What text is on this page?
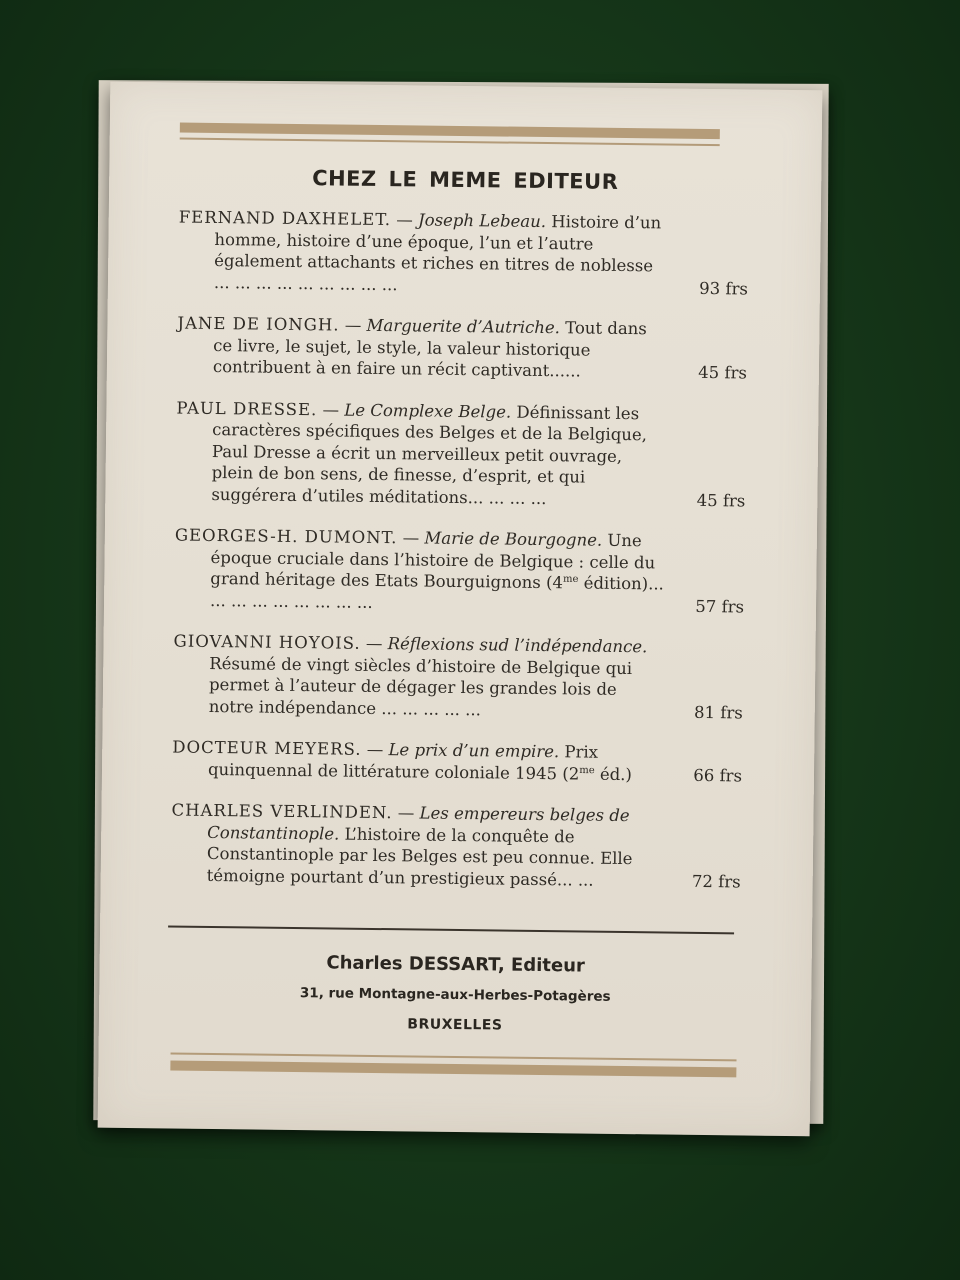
CHEZ LE MEME EDITEUR
FERNAND DAXHELET. — Joseph Lebeau. Histoire d’un homme, histoire d’une époque, l’un et l’autre également attachants et riches en titres de noblesse ... ... ... ... ... ... ... ... ...	93 frs
JANE DE IONGH. — Marguerite d’Autriche. Tout dans ce livre, le sujet, le style, la valeur historique contribuent à en faire un récit captivant......	45 frs
PAUL DRESSE. — Le Complexe Belge. Définissant les caractères spécifiques des Belges et de la Belgique, Paul Dresse a écrit un merveilleux petit ouvrage, plein de bon sens, de finesse, d’esprit, et qui suggérera d’utiles méditations... ... ... ...	45 frs
GEORGES-H. DUMONT. — Marie de Bourgogne. Une époque cruciale dans l’histoire de Belgique : celle du grand héritage des Etats Bourguignons ($4^{me}$ édition)... ... ... ... ... ... ... ... ...	57 frs
GIOVANNI HOYOIS. — Réflexions sud l’indépendance. Résumé de vingt siècles d’histoire de Belgique qui permet à l’auteur de dégager les grandes lois de notre indépendance ... ... ... ... ...	81 frs
DOCTEUR MEYERS. — Le prix d’un empire. Prix quinquennal de littérature coloniale 1945 ($2^{me}$ éd.)	66 frs
CHARLES VERLINDEN. — Les empereurs belges de Constantinople. L’histoire de la conquête de Constantinople par les Belges est peu connue. Elle témoigne pourtant d’un prestigieux passé... ...	72 frs
Charles DESSART, Editeur
31, rue Montagne-aux-Herbes-Potagères
BRUXELLES
